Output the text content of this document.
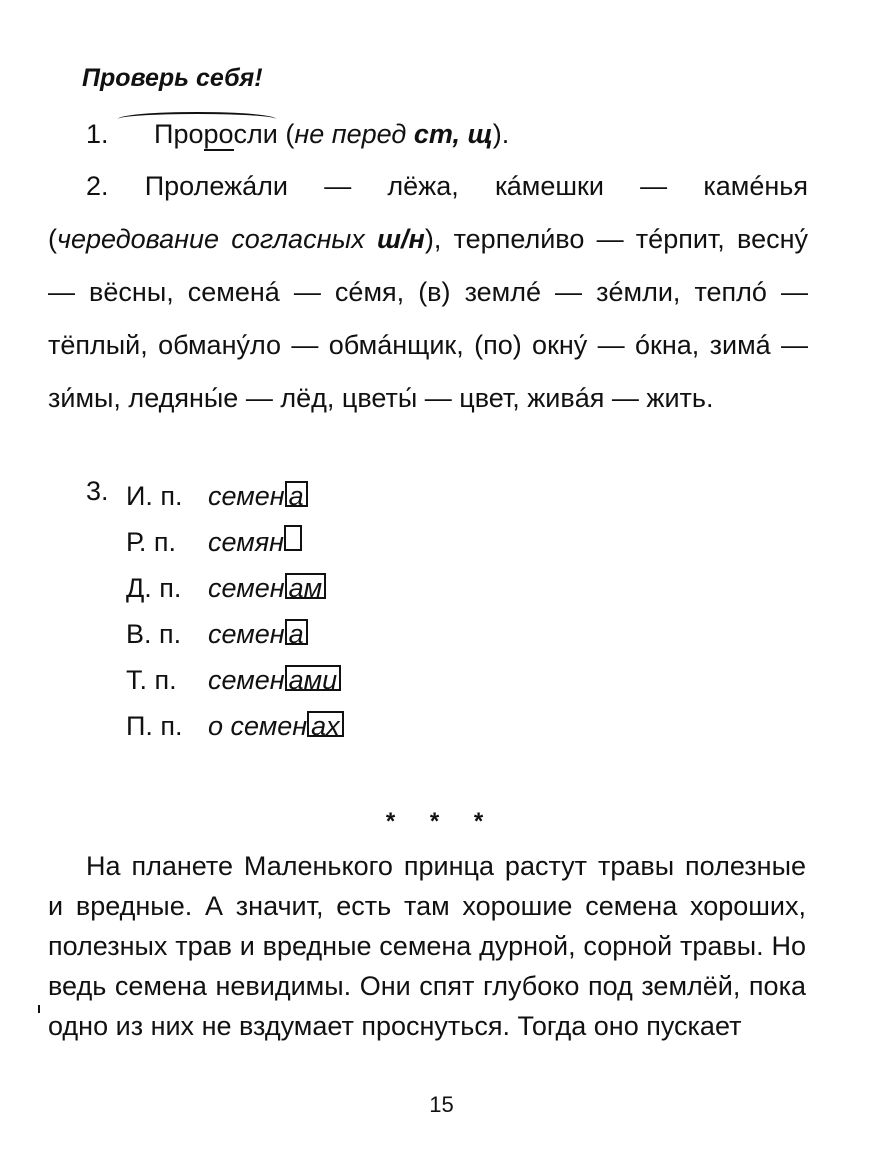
Проверь себя!

1. Проросли (не перед ст, щ).

2. Пролежáли — лёжа, кáмешки — камéнья (чередование согласных ш/н), терпели́во — тéрпит, весну́ — вёсны, семенá — сéмя, (в) землé — зéмли, теплó — тёплый, обману́ло — обмáнщик, (по) окну́ — óкна, зимá — зи́мы, ледяны́е — лёд, цветы́ — цвет, живáя — жить.

3. И. п. семен а
Р. п. семян
Д. п. семен ам
В. п. семен а
Т. п. семен ами
П. п. о семен ах
* * *

На планете Маленького принца растут травы полезные и вредные. А значит, есть там хорошие семена хороших, полезных трав и вредные семена дурной, сорной травы. Но ведь семена невидимы. Они спят глубоко под землёй, пока одно из них не вздумает проснуться. Тогда оно пускает

15
